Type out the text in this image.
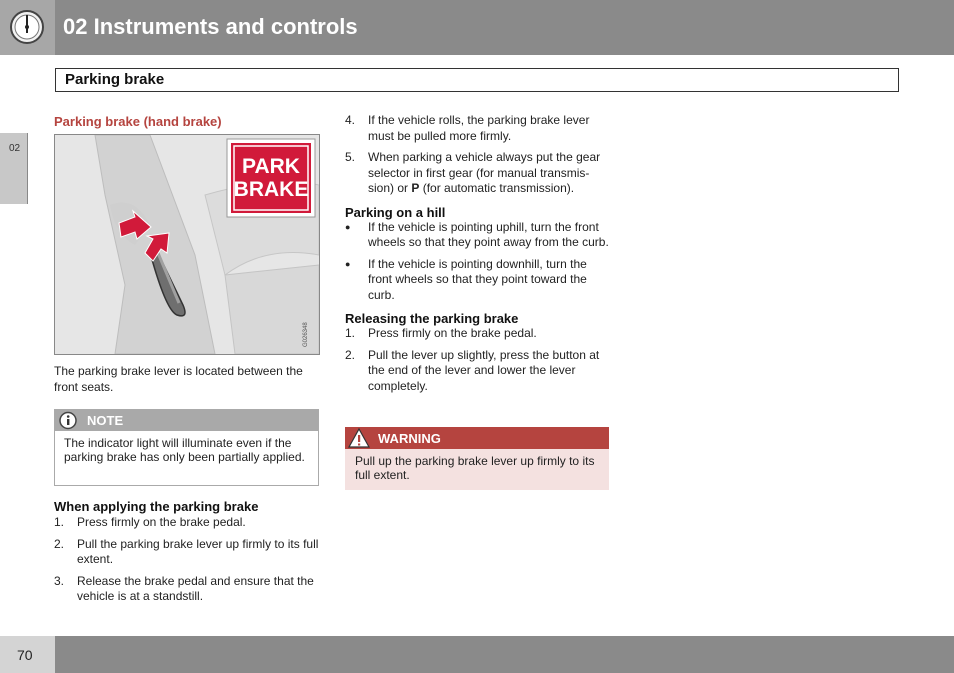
02 Instruments and controls
Parking brake
02
Parking brake (hand brake)
PARK
BRAKE
G026348
The parking brake lever is located between the front seats.
NOTE
The indicator light will illuminate even if the parking brake has only been partially applied.
When applying the parking brake
1. Press firmly on the brake pedal.
2. Pull the parking brake lever up firmly to its full extent.
3. Release the brake pedal and ensure that the vehicle is at a standstill.
4. If the vehicle rolls, the parking brake lever must be pulled more firmly.
5. When parking a vehicle always put the gear selector in first gear (for manual transmis-sion) or P (for automatic transmission).
Parking on a hill
● If the vehicle is pointing uphill, turn the front wheels so that they point away from the curb.
● If the vehicle is pointing downhill, turn the front wheels so that they point toward the curb.
Releasing the parking brake
1. Press firmly on the brake pedal.
2. Pull the lever up slightly, press the button at the end of the lever and lower the lever completely.
WARNING
Pull up the parking brake lever up firmly to its full extent.
70
